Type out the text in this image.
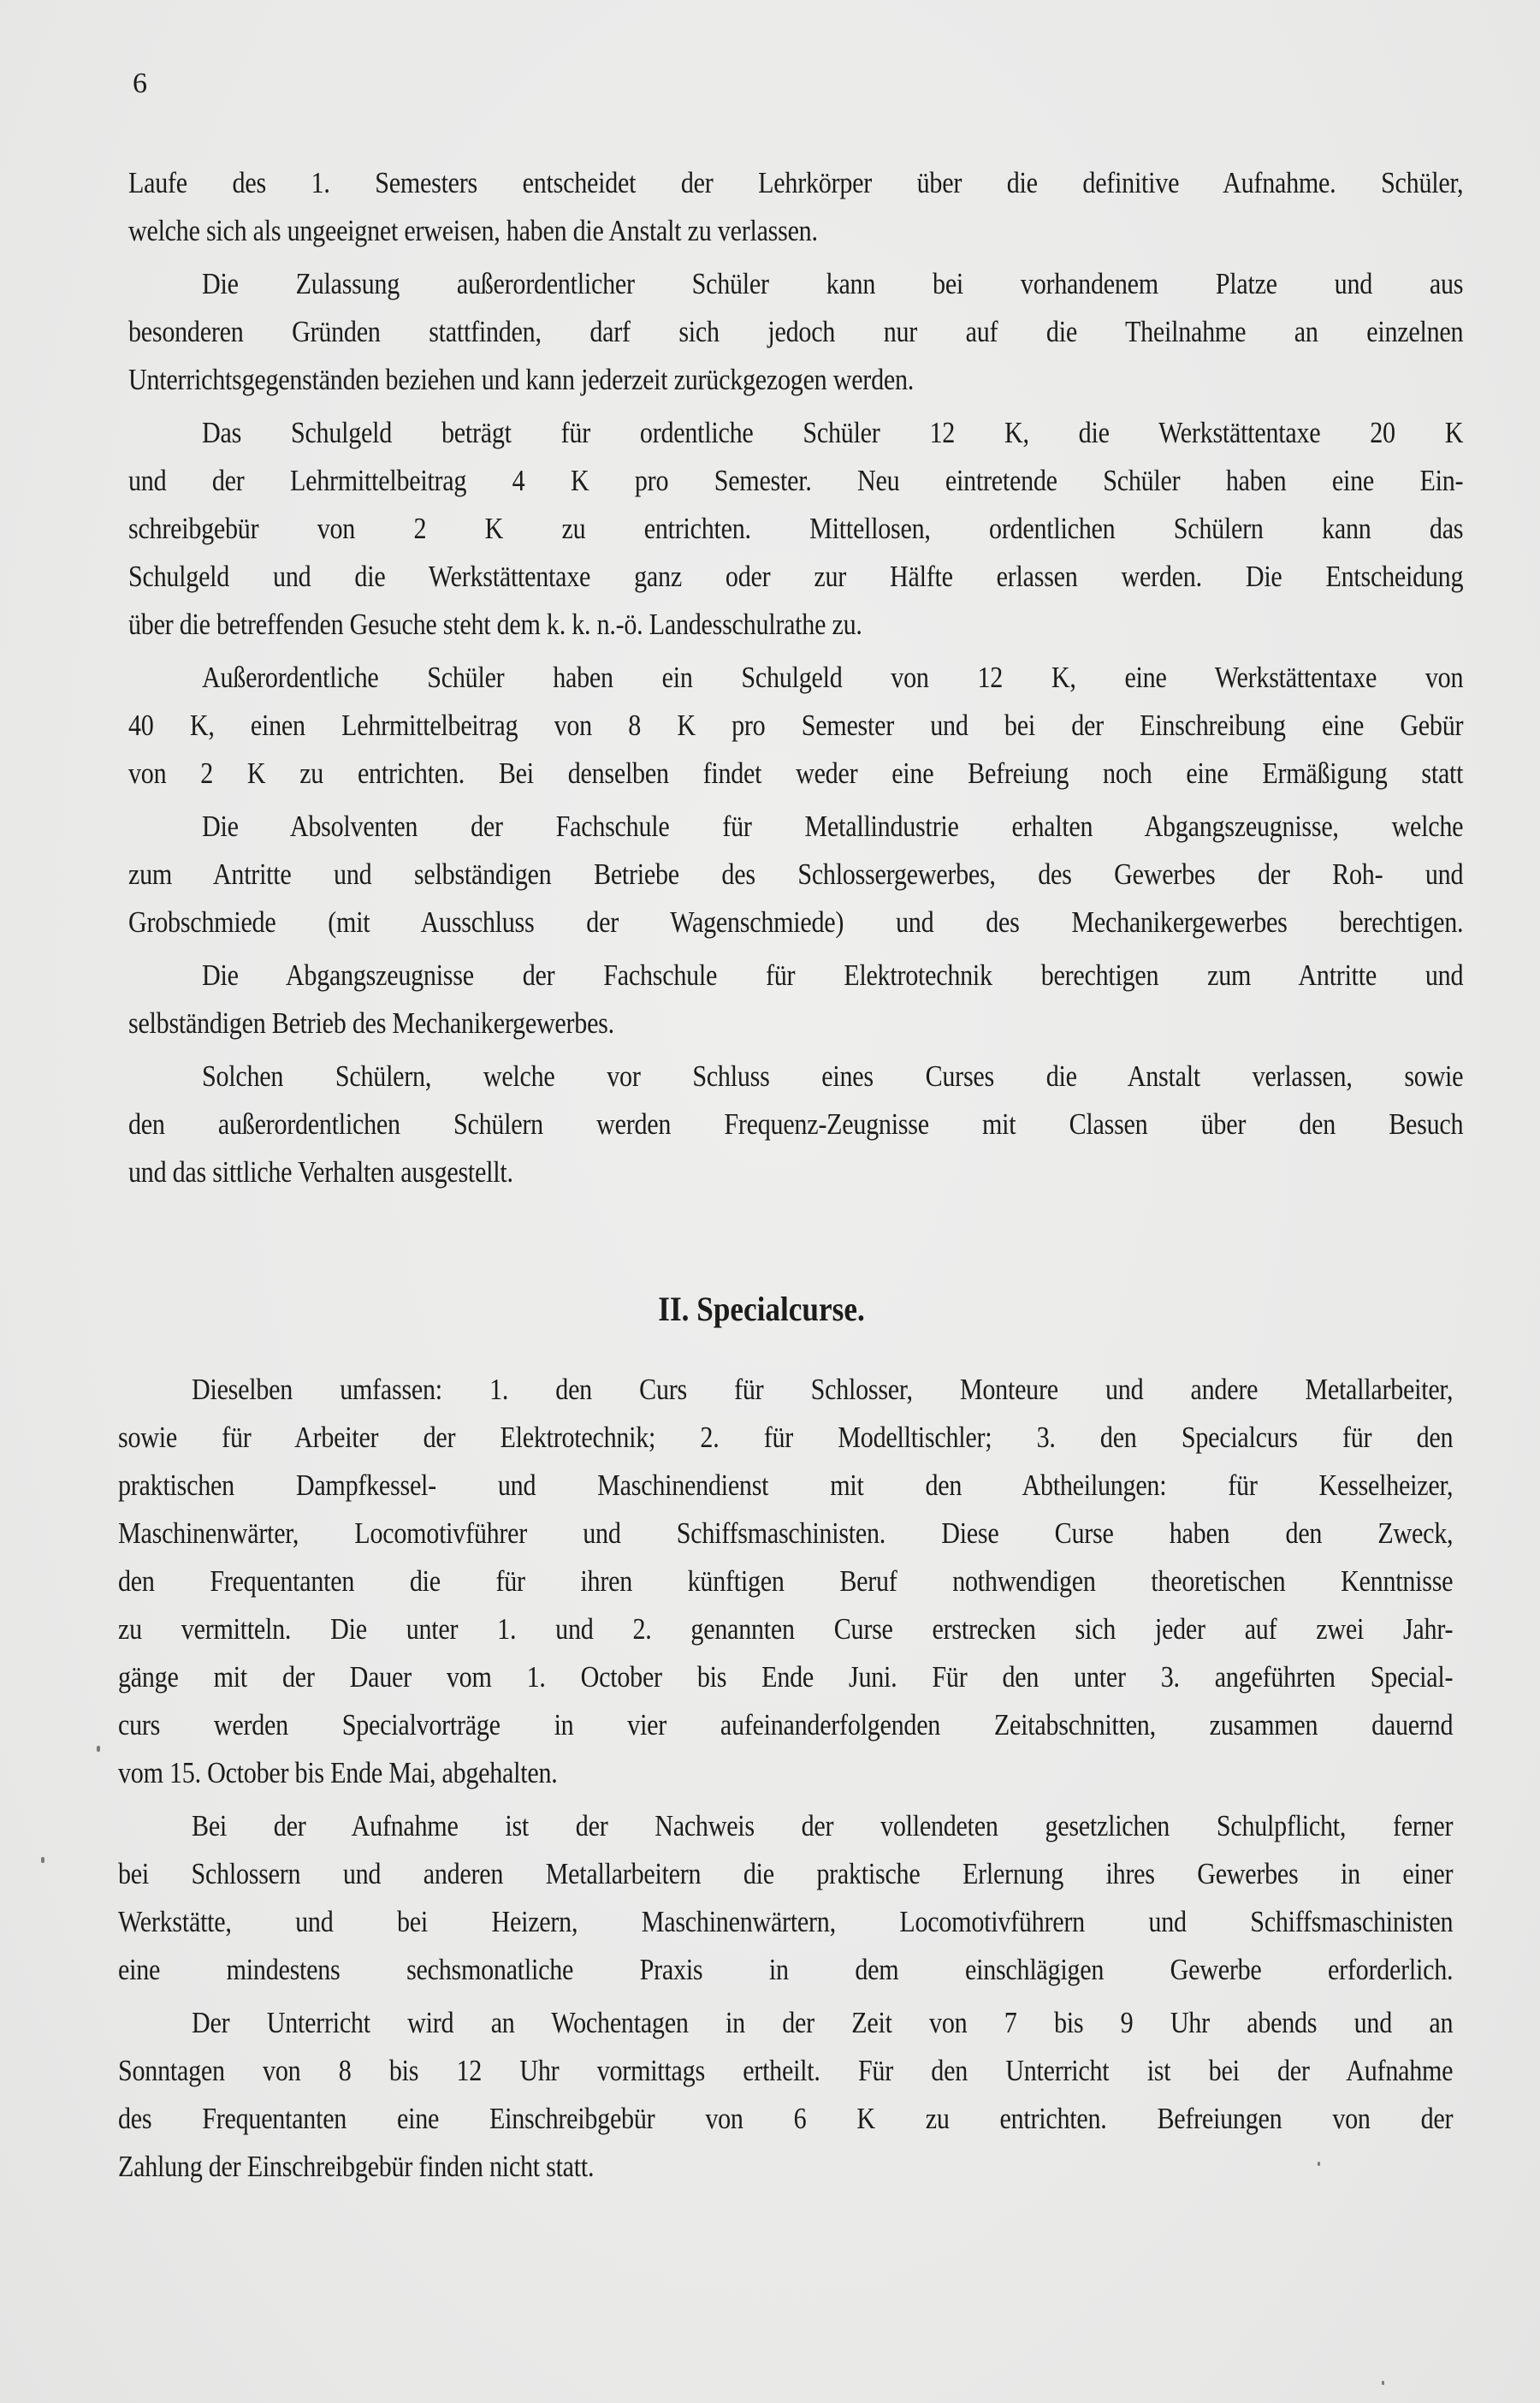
6
Laufe des 1. Semesters entscheidet der Lehrkörper über die definitive Aufnahme. Schüler,
welche sich als ungeeignet erweisen, haben die Anstalt zu verlassen.
Die Zulassung außerordentlicher Schüler kann bei vorhandenem Platze und aus
besonderen Gründen stattfinden, darf sich jedoch nur auf die Theilnahme an einzelnen
Unterrichtsgegenständen beziehen und kann jederzeit zurückgezogen werden.
Das Schulgeld beträgt für ordentliche Schüler 12 K, die Werkstättentaxe 20 K
und der Lehrmittelbeitrag 4 K pro Semester. Neu eintretende Schüler haben eine Ein-
schreibgebür von 2 K zu entrichten. Mittellosen, ordentlichen Schülern kann das
Schulgeld und die Werkstättentaxe ganz oder zur Hälfte erlassen werden. Die Entscheidung
über die betreffenden Gesuche steht dem k. k. n.-ö. Landesschulrathe zu.
Außerordentliche Schüler haben ein Schulgeld von 12 K, eine Werkstättentaxe von
40 K, einen Lehrmittelbeitrag von 8 K pro Semester und bei der Einschreibung eine Gebür
von 2 K zu entrichten. Bei denselben findet weder eine Befreiung noch eine Ermäßigung statt
Die Absolventen der Fachschule für Metallindustrie erhalten Abgangszeugnisse, welche
zum Antritte und selbständigen Betriebe des Schlossergewerbes, des Gewerbes der Roh- und
Grobschmiede (mit Ausschluss der Wagenschmiede) und des Mechanikergewerbes berechtigen.
Die Abgangszeugnisse der Fachschule für Elektrotechnik berechtigen zum Antritte und
selbständigen Betrieb des Mechanikergewerbes.
Solchen Schülern, welche vor Schluss eines Curses die Anstalt verlassen, sowie
den außerordentlichen Schülern werden Frequenz-Zeugnisse mit Classen über den Besuch
und das sittliche Verhalten ausgestellt.
II. Specialcurse.
Dieselben umfassen: 1. den Curs für Schlosser, Monteure und andere Metallarbeiter,
sowie für Arbeiter der Elektrotechnik; 2. für Modelltischler; 3. den Specialcurs für den
praktischen Dampfkessel- und Maschinendienst mit den Abtheilungen: für Kesselheizer,
Maschinenwärter, Locomotivführer und Schiffsmaschinisten. Diese Curse haben den Zweck,
den Frequentanten die für ihren künftigen Beruf nothwendigen theoretischen Kenntnisse
zu vermitteln. Die unter 1. und 2. genannten Curse erstrecken sich jeder auf zwei Jahr-
gänge mit der Dauer vom 1. October bis Ende Juni. Für den unter 3. angeführten Special-
curs werden Specialvorträge in vier aufeinanderfolgenden Zeitabschnitten, zusammen dauernd
vom 15. October bis Ende Mai, abgehalten.
Bei der Aufnahme ist der Nachweis der vollendeten gesetzlichen Schulpflicht, ferner
bei Schlossern und anderen Metallarbeitern die praktische Erlernung ihres Gewerbes in einer
Werkstätte, und bei Heizern, Maschinenwärtern, Locomotivführern und Schiffsmaschinisten
eine mindestens sechsmonatliche Praxis in dem einschlägigen Gewerbe erforderlich.
Der Unterricht wird an Wochentagen in der Zeit von 7 bis 9 Uhr abends und an
Sonntagen von 8 bis 12 Uhr vormittags ertheilt. Für den Unterricht ist bei der Aufnahme
des Frequentanten eine Einschreibgebür von 6 K zu entrichten. Befreiungen von der
Zahlung der Einschreibgebür finden nicht statt.
